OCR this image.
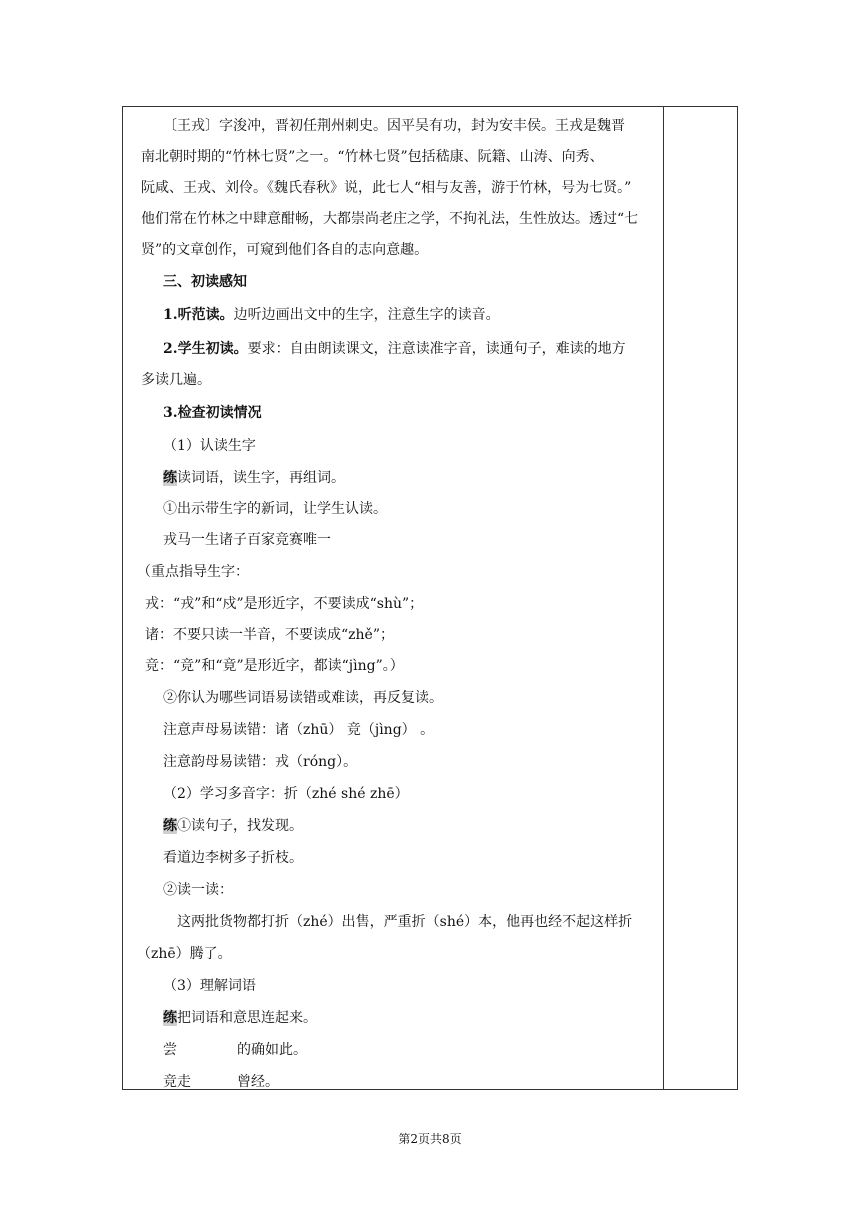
〔王戎〕字浚冲，晋初任荆州刺史。因平吴有功，封为安丰侯。王戎是魏晋
南北朝时期的“竹林七贤”之一。“竹林七贤”包括嵇康、阮籍、山涛、向秀、
阮咸、王戎、刘伶。《魏氏春秋》说，此七人“相与友善，游于竹林，号为七贤。”
他们常在竹林之中肆意酣畅，大都崇尚老庄之学，不拘礼法，生性放达。透过“七
贤”的文章创作，可窥到他们各自的志向意趣。
三、初读感知
1.听范读。边听边画出文中的生字，注意生字的读音。
2.学生初读。要求：自由朗读课文，注意读准字音，读通句子，难读的地方
多读几遍。
3.检查初读情况
（1）认读生字
练读词语，读生字，再组词。
①出示带生字的新词，让学生认读。
戎马一生诸子百家竞赛唯一
（重点指导生字：
戎：“戎”和“戍”是形近字，不要读成“shù”；
诸：不要只读一半音，不要读成“zhě”；
竞：“竞”和“竟”是形近字，都读“jìng”。）
②你认为哪些词语易读错或难读，再反复读。
注意声母易读错：诸（zhū） 竞（jìng） 。
注意韵母易读错：戎（róng）。
（2）学习多音字：折（zhé shé zhē）
练①读句子，找发现。
看道边李树多子折枝。
②读一读：
这两批货物都打折（zhé）出售，严重折（shé）本，他再也经不起这样折
（zhē）腾了。
（3）理解词语
练把词语和意思连起来。
尝	的确如此。
竞走	曾经。
第2页共8页
